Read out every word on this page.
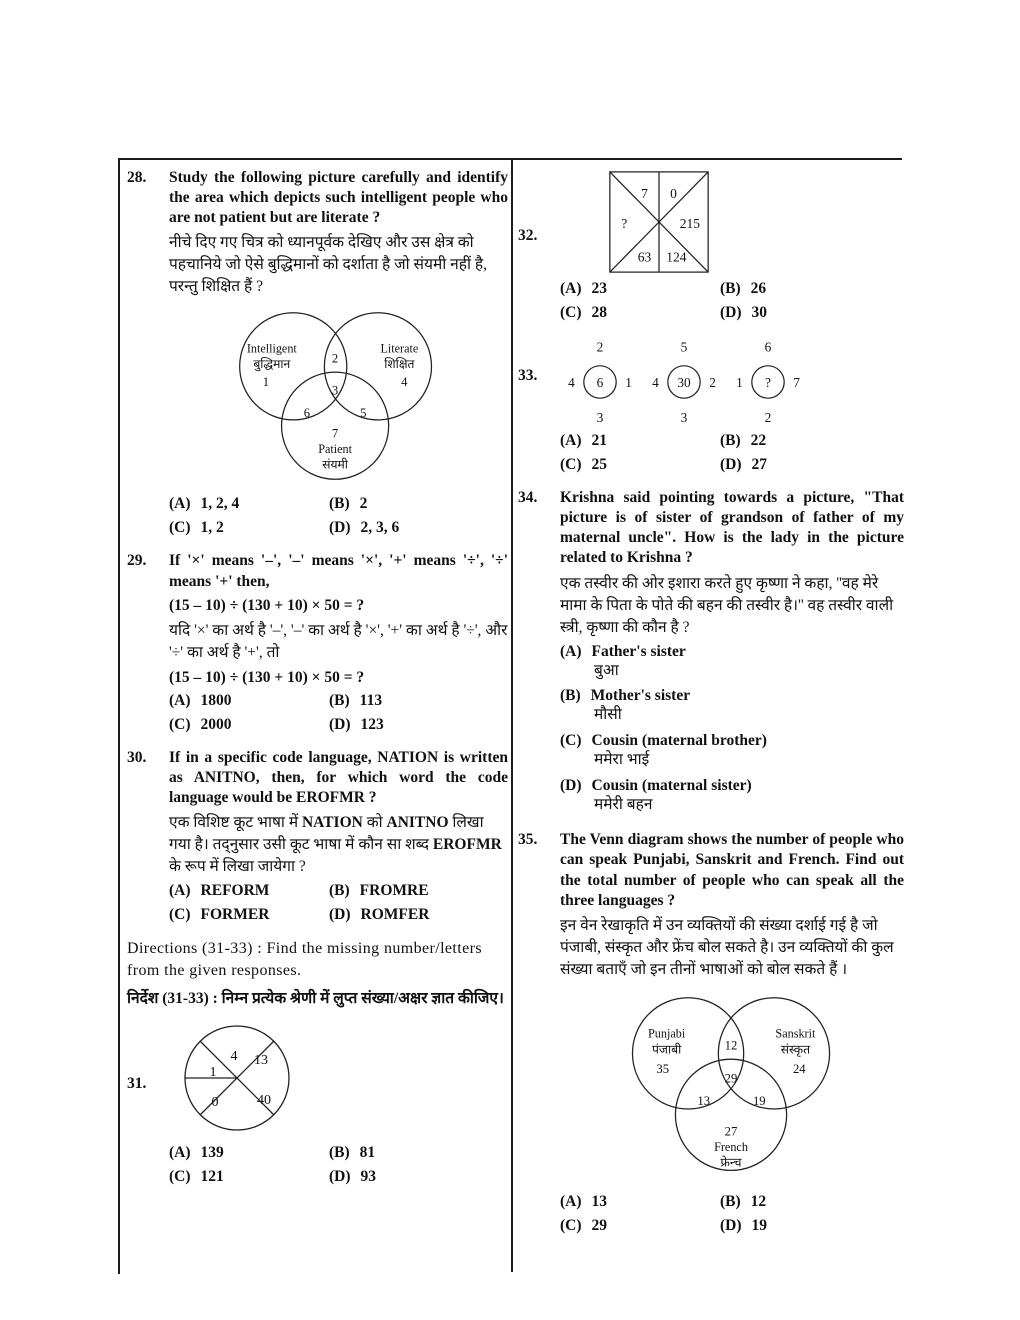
28.	Study the following picture carefully and identify the area which depicts such intelligent people who are not patient but are literate ?

नीचे दिए गए चित्र को ध्यानपूर्वक देखिए और उस क्षेत्र को पहचानिये जो ऐसे बुद्धिमानों को दर्शाता है जो संयमी नहीं है, परन्तु शिक्षित हैं ?

Intelligent
बुद्धिमान
1
2
Literate
शिक्षित
4
3
6	5
7
Patient
संयमी
(A) 1, 2, 4	(B) 2
(C) 1, 2	(D) 2, 3, 6
29.	If '×' means '–', '–' means '×', '+' means '÷', '÷' means '+' then,

(15 – 10) ÷ (130 + 10) × 50 = ?

यदि '×' का अर्थ है '–', '–' का अर्थ है '×', '+' का अर्थ है '÷', और '÷' का अर्थ है '+', तो

(15 – 10) ÷ (130 + 10) × 50 = ?

(A) 1800	(B) 113
(C) 2000	(D) 123
30.	If in a specific code language, NATION is written as ANITNO, then, for which word the code language would be EROFMR ?

एक विशिष्ट कूट भाषा में NATION को ANITNO लिखा गया है। तद्नुसार उसी कूट भाषा में कौन सा शब्द EROFMR के रूप में लिखा जायेगा ?

(A) REFORM	(B) FROMRE
(C) FORMER	(D) ROMFER

Directions (31-33) : Find the missing number/letters from the given responses.

निर्देश (31-33) : निम्न प्रत्येक श्रेणी में लुप्त संख्या/अक्षर ज्ञात कीजिए।

31.
4 13
1
0	40
(A) 139	(B) 81
(C) 121	(D) 93
32.
7 0
?	215
63 124
(A) 23	(B) 26
(C) 28	(D) 30
33.
2
4 6 1
3
5
4 30 2
3
6
1 ? 7
2
(A) 21	(B) 22
(C) 25	(D) 27
34.	Krishna said pointing towards a picture, "That picture is of sister of grandson of father of my maternal uncle". How is the lady in the picture related to Krishna ?

एक तस्वीर की ओर इशारा करते हुए कृष्णा ने कहा, ''वह मेरे मामा के पिता के पोते की बहन की तस्वीर है।'' वह तस्वीर वाली स्त्री, कृष्णा की कौन है ?

(A) Father's sister
बुआ
(B) Mother's sister
मौसी
(C) Cousin (maternal brother)
ममेरा भाई
(D) Cousin (maternal sister)
ममेरी बहन
35.	The Venn diagram shows the number of people who can speak Punjabi, Sanskrit and French. Find out the total number of people who can speak all the three languages ?

इन वेन रेखाकृति में उन व्यक्तियों की संख्या दर्शाई गई है जो पंजाबी, संस्कृत और फ्रेंच बोल सकते है। उन व्यक्तियों की कुल संख्या बताएँ जो इन तीनों भाषाओं को बोल सकते हैं ।

Punjabi
पंजाबी
35
Sanskrit
संस्कृत
24
12
29
13	19
27
French
फ्रेन्च
(A) 13	(B) 12
(C) 29	(D) 19
